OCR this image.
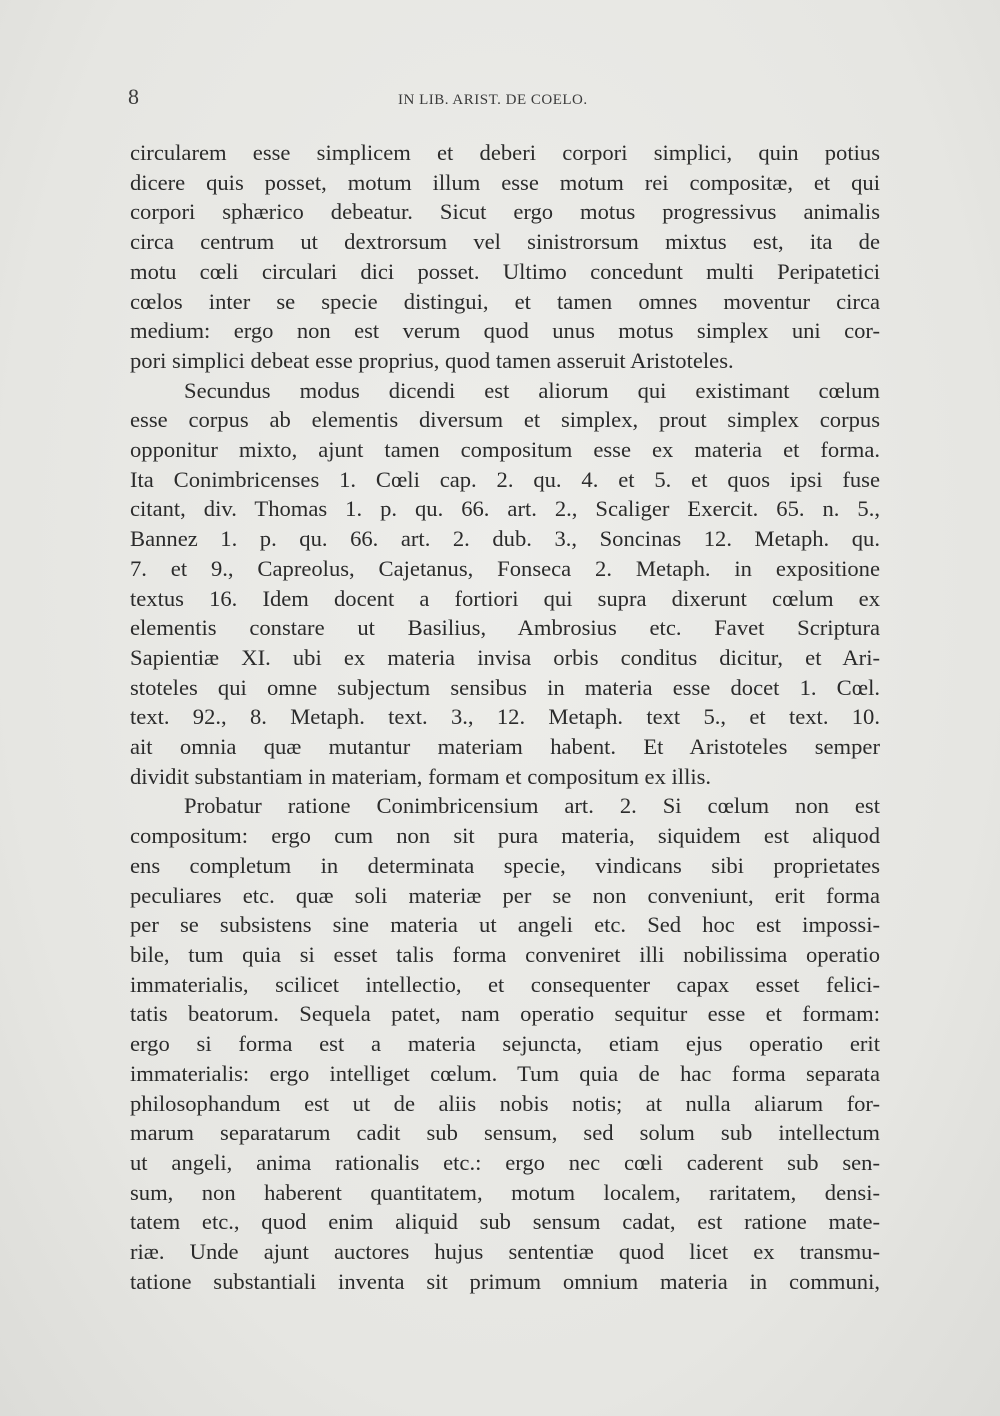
8	IN LIB. ARIST. DE COELO.
circularem esse simplicem et deberi corpori simplici, quin potius
dicere quis posset, motum illum esse motum rei compositæ, et qui
corpori sphærico debeatur. Sicut ergo motus progressivus animalis
circa centrum ut dextrorsum vel sinistrorsum mixtus est, ita de
motu cœli circulari dici posset. Ultimo concedunt multi Peripatetici
cœlos inter se specie distingui, et tamen omnes moventur circa
medium: ergo non est verum quod unus motus simplex uni cor-
pori simplici debeat esse proprius, quod tamen asseruit Aristoteles.
Secundus modus dicendi est aliorum qui existimant cœlum
esse corpus ab elementis diversum et simplex, prout simplex corpus
opponitur mixto, ajunt tamen compositum esse ex materia et forma.
Ita Conimbricenses 1. Cœli cap. 2. qu. 4. et 5. et quos ipsi fuse
citant, div. Thomas 1. p. qu. 66. art. 2., Scaliger Exercit. 65. n. 5.,
Bannez 1. p. qu. 66. art. 2. dub. 3., Soncinas 12. Metaph. qu.
7. et 9., Capreolus, Cajetanus, Fonseca 2. Metaph. in expositione
textus 16. Idem docent a fortiori qui supra dixerunt cœlum ex
elementis constare ut Basilius, Ambrosius etc. Favet Scriptura
Sapientiæ XI. ubi ex materia invisa orbis conditus dicitur, et Ari-
stoteles qui omne subjectum sensibus in materia esse docet 1. Cœl.
text. 92., 8. Metaph. text. 3., 12. Metaph. text 5., et text. 10.
ait omnia quæ mutantur materiam habent. Et Aristoteles semper
dividit substantiam in materiam, formam et compositum ex illis.
Probatur ratione Conimbricensium art. 2. Si cœlum non est
compositum: ergo cum non sit pura materia, siquidem est aliquod
ens completum in determinata specie, vindicans sibi proprietates
peculiares etc. quæ soli materiæ per se non conveniunt, erit forma
per se subsistens sine materia ut angeli etc. Sed hoc est impossi-
bile, tum quia si esset talis forma conveniret illi nobilissima operatio
immaterialis, scilicet intellectio, et consequenter capax esset felici-
tatis beatorum. Sequela patet, nam operatio sequitur esse et formam:
ergo si forma est a materia sejuncta, etiam ejus operatio erit
immaterialis: ergo intelliget cœlum. Tum quia de hac forma separata
philosophandum est ut de aliis nobis notis; at nulla aliarum for-
marum separatarum cadit sub sensum, sed solum sub intellectum
ut angeli, anima rationalis etc.: ergo nec cœli caderent sub sen-
sum, non haberent quantitatem, motum localem, raritatem, densi-
tatem etc., quod enim aliquid sub sensum cadat, est ratione mate-
riæ. Unde ajunt auctores hujus sententiæ quod licet ex transmu-
tatione substantiali inventa sit primum omnium materia in communi,
